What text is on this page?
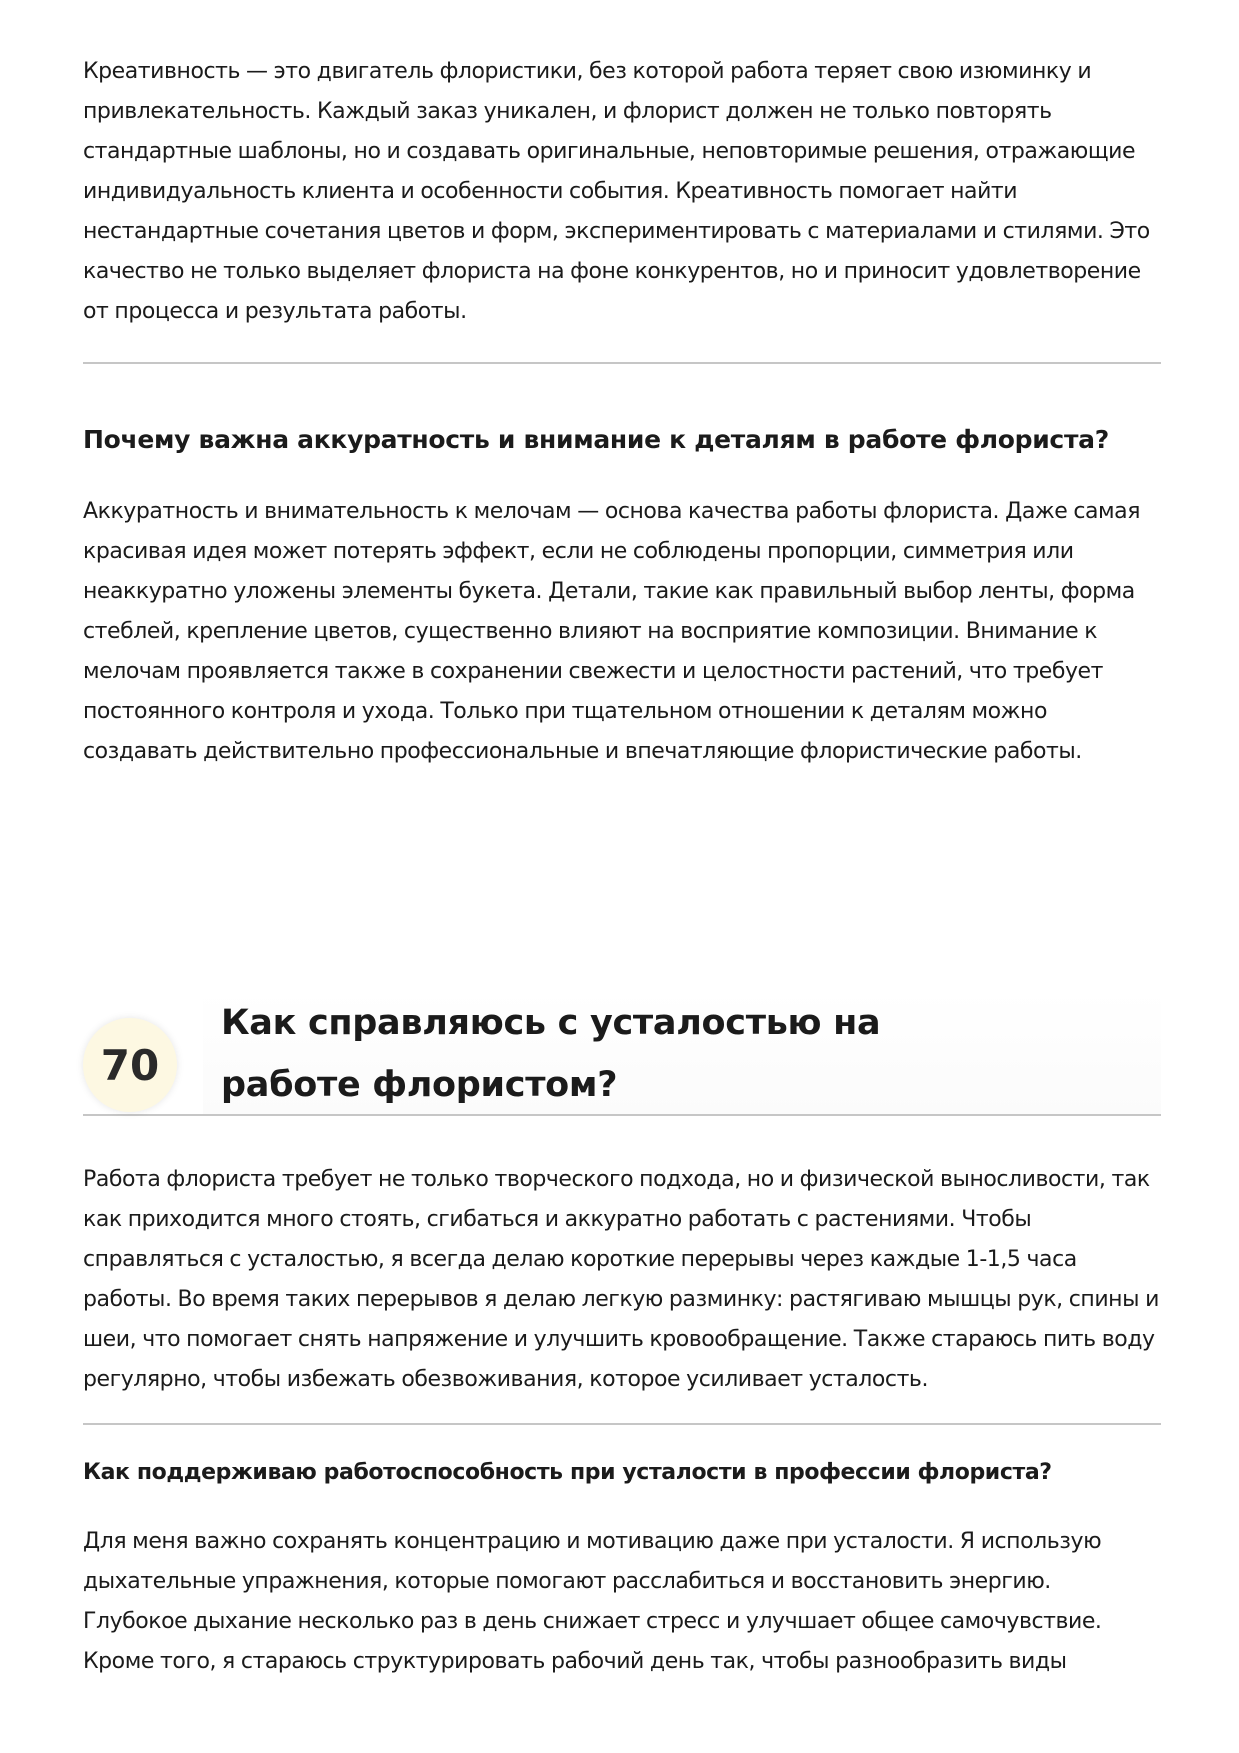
Креативность — это двигатель флористики, без которой работа теряет свою изюминку и привлекательность. Каждый заказ уникален, и флорист должен не только повторять стандартные шаблоны, но и создавать оригинальные, неповторимые решения, отражающие индивидуальность клиента и особенности события. Креативность помогает найти нестандартные сочетания цветов и форм, экспериментировать с материалами и стилями. Это качество не только выделяет флориста на фоне конкурентов, но и приносит удовлетворение от процесса и результата работы.

Почему важна аккуратность и внимание к деталям в работе флориста?

Аккуратность и внимательность к мелочам — основа качества работы флориста. Даже самая красивая идея может потерять эффект, если не соблюдены пропорции, симметрия или неаккуратно уложены элементы букета. Детали, такие как правильный выбор ленты, форма стеблей, крепление цветов, существенно влияют на восприятие композиции. Внимание к мелочам проявляется также в сохранении свежести и целостности растений, что требует постоянного контроля и ухода. Только при тщательном отношении к деталям можно создавать действительно профессиональные и впечатляющие флористические работы.

70
Как справляюсь с усталостью на работе флористом?

Работа флориста требует не только творческого подхода, но и физической выносливости, так как приходится много стоять, сгибаться и аккуратно работать с растениями. Чтобы справляться с усталостью, я всегда делаю короткие перерывы через каждые 1-1,5 часа работы. Во время таких перерывов я делаю легкую разминку: растягиваю мышцы рук, спины и шеи, что помогает снять напряжение и улучшить кровообращение. Также стараюсь пить воду регулярно, чтобы избежать обезвоживания, которое усиливает усталость.

Как поддерживаю работоспособность при усталости в профессии флориста?

Для меня важно сохранять концентрацию и мотивацию даже при усталости. Я использую дыхательные упражнения, которые помогают расслабиться и восстановить энергию. Глубокое дыхание несколько раз в день снижает стресс и улучшает общее самочувствие. Кроме того, я стараюсь структурировать рабочий день так, чтобы разнообразить виды
